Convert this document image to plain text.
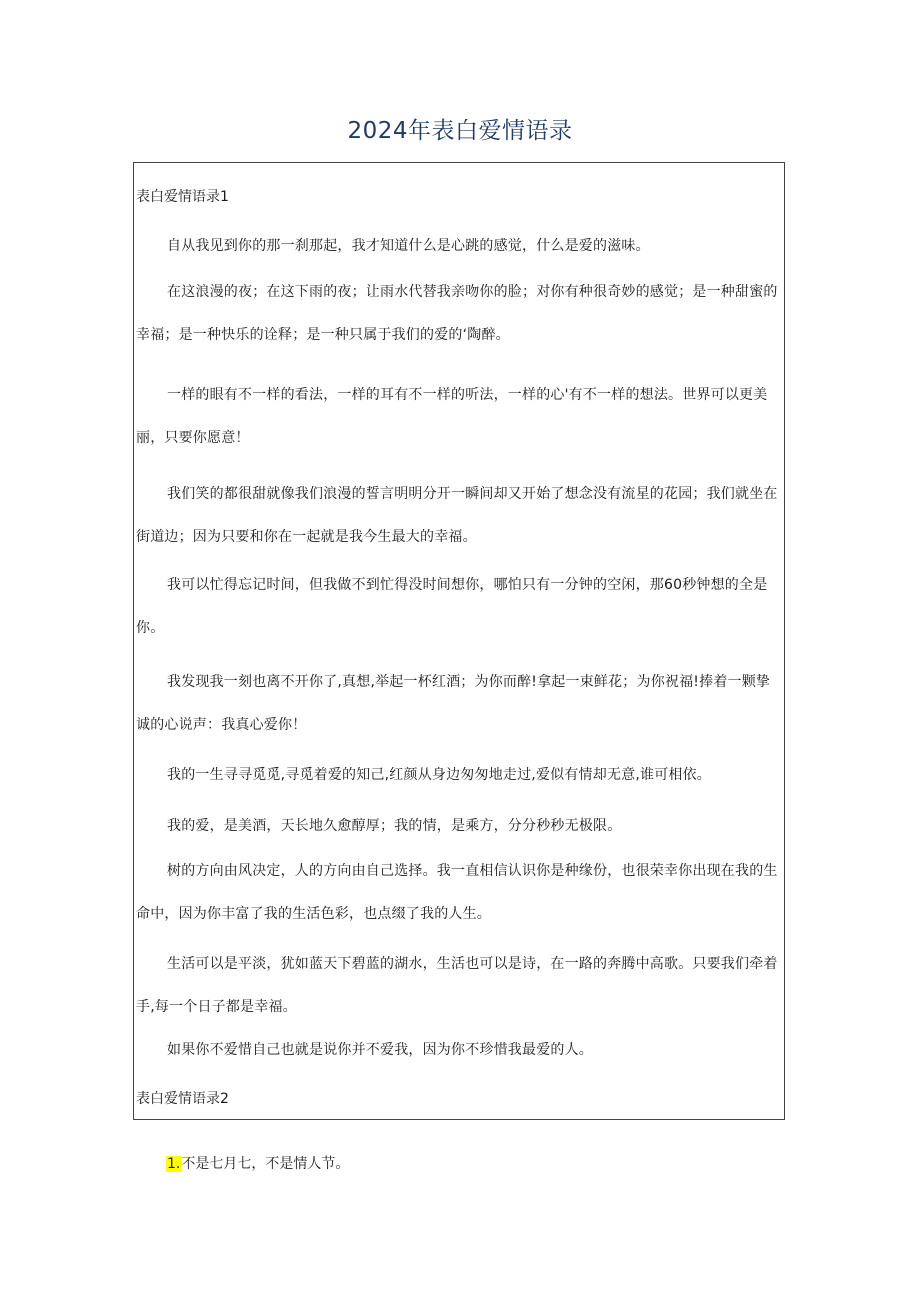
2024年表白爱情语录
表白爱情语录1

自从我见到你的那一刹那起，我才知道什么是心跳的感觉，什么是爱的滋味。

在这浪漫的夜；在这下雨的夜；让雨水代替我亲吻你的脸；对你有种很奇妙的感觉；是一种甜蜜的幸福；是一种快乐的诠释；是一种只属于我们的爱的‘陶醉。

一样的眼有不一样的看法，一样的耳有不一样的听法，一样的心'有不一样的想法。世界可以更美丽，只要你愿意！

我们笑的都很甜就像我们浪漫的誓言明明分开一瞬间却又开始了想念没有流星的花园；我们就坐在街道边；因为只要和你在一起就是我今生最大的幸福。

我可以忙得忘记时间，但我做不到忙得没时间想你，哪怕只有一分钟的空闲，那60秒钟想的全是你。

我发现我一刻也离不开你了,真想,举起一杯红酒；为你而醉!拿起一束鲜花；为你祝福!捧着一颗挚诚的心说声：我真心爱你！

我的一生寻寻觅觅,寻觅着爱的知己,红颜从身边匆匆地走过,爱似有情却无意,谁可相依。

我的爱，是美酒，天长地久愈醇厚；我的情，是乘方，分分秒秒无极限。

树的方向由风决定，人的方向由自己选择。我一直相信认识你是种缘份，也很荣幸你出现在我的生命中，因为你丰富了我的生活色彩，也点缀了我的人生。

生活可以是平淡，犹如蓝天下碧蓝的湖水，生活也可以是诗，在一路的奔腾中高歌。只要我们牵着手,每一个日子都是幸福。

如果你不爱惜自己也就是说你并不爱我，因为你不珍惜我最爱的人。

表白爱情语录2

1.不是七月七，不是情人节。
